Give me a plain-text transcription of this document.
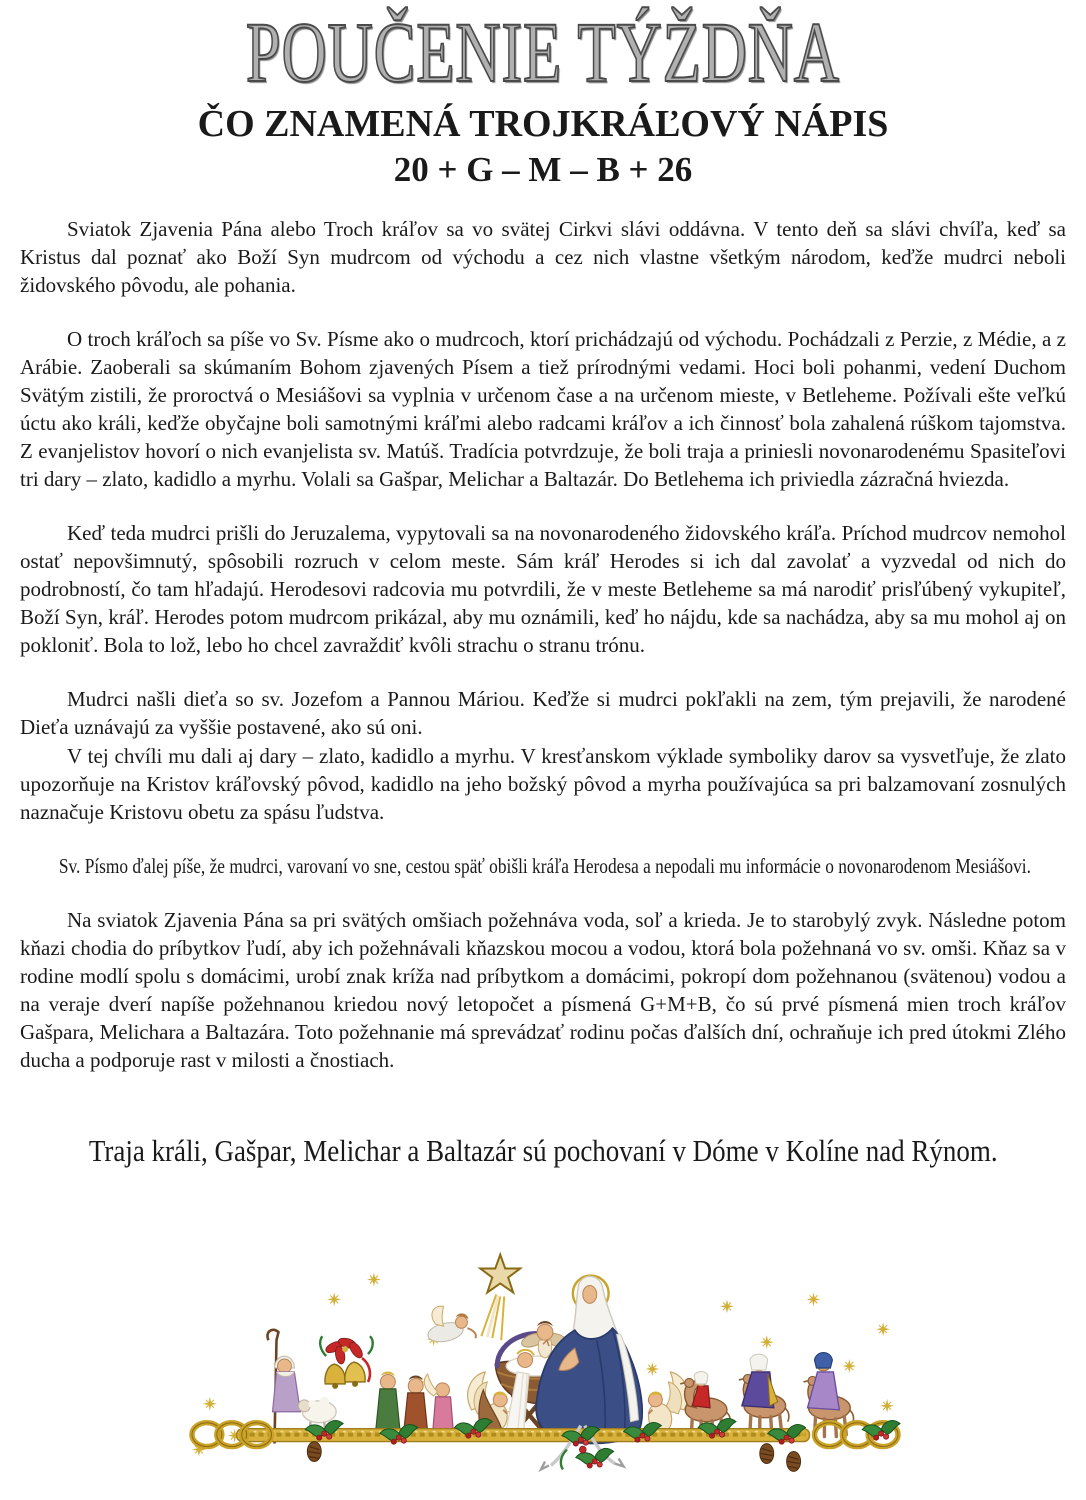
POUČENIE TÝŽDŇA
ČO ZNAMENÁ TROJKRÁĽOVÝ NÁPIS
20 + G – M – B + 26

Sviatok Zjavenia Pána alebo Troch kráľov sa vo svätej Cirkvi slávi oddávna. V tento deň sa slávi chvíľa, keď sa Kristus dal poznať ako Boží Syn mudrcom od východu a cez nich vlastne všetkým národom, keďže mudrci neboli židovského pôvodu, ale pohania.

O troch kráľoch sa píše vo Sv. Písme ako o mudrcoch, ktorí prichádzajú od východu. Pochádzali z Perzie, z Médie, a z Arábie. Zaoberali sa skúmaním Bohom zjavených Písem a tiež prírodnými vedami. Hoci boli pohanmi, vedení Duchom Svätým zistili, že proroctvá o Mesiášovi sa vyplnia v určenom čase a na určenom mieste, v Betleheme. Požívali ešte veľkú úctu ako králi, keďže obyčajne boli samotnými kráľmi alebo radcami kráľov a ich činnosť bola zahalená rúškom tajomstva. Z evanjelistov hovorí o nich evanjelista sv. Matúš. Tradícia potvrdzuje, že boli traja a priniesli novonarodenému Spasiteľovi tri dary – zlato, kadidlo a myrhu. Volali sa Gašpar, Melichar a Baltazár. Do Betlehema ich priviedla zázračná hviezda.

Keď teda mudrci prišli do Jeruzalema, vypytovali sa na novonarodeného židovského kráľa. Príchod mudrcov nemohol ostať nepovšimnutý, spôsobili rozruch v celom meste. Sám kráľ Herodes si ich dal zavolať a vyzvedal od nich do podrobností, čo tam hľadajú. Herodesovi radcovia mu potvrdili, že v meste Betleheme sa má narodiť prisľúbený vykupiteľ, Boží Syn, kráľ. Herodes potom mudrcom prikázal, aby mu oznámili, keď ho nájdu, kde sa nachádza, aby sa mu mohol aj on pokloniť. Bola to lož, lebo ho chcel zavraždiť kvôli strachu o stranu trónu.

Mudrci našli dieťa so sv. Jozefom a Pannou Máriou. Keďže si mudrci pokľakli na zem, tým prejavili, že narodené Dieťa uznávajú za vyššie postavené, ako sú oni.

V tej chvíli mu dali aj dary – zlato, kadidlo a myrhu. V kresťanskom výklade symboliky darov sa vysvetľuje, že zlato upozorňuje na Kristov kráľovský pôvod, kadidlo na jeho božský pôvod a myrha používajúca sa pri balzamovaní zosnulých naznačuje Kristovu obetu za spásu ľudstva.

Sv. Písmo ďalej píše, že mudrci, varovaní vo sne, cestou späť obišli kráľa Herodesa a nepodali mu informácie o novonarodenom Mesiášovi.

Na sviatok Zjavenia Pána sa pri svätých omšiach požehnáva voda, soľ a krieda. Je to starobylý zvyk. Následne potom kňazi chodia do príbytkov ľudí, aby ich požehnávali kňazskou mocou a vodou, ktorá bola požehnaná vo sv. omši. Kňaz sa v rodine modlí spolu s domácimi, urobí znak kríža nad príbytkom a domácimi, pokropí dom požehnanou (svätenou) vodou a na veraje dverí napíše požehnanou kriedou nový letopočet a písmená G+M+B, čo sú prvé písmená mien troch kráľov Gašpara, Melichara a Baltazára. Toto požehnanie má sprevádzať rodinu počas ďalších dní, ochraňuje ich pred útokmi Zlého ducha a podporuje rast v milosti a čnostiach.

Traja králi, Gašpar, Melichar a Baltazár sú pochovaní v Dóme v Kolíne nad Rýnom.
